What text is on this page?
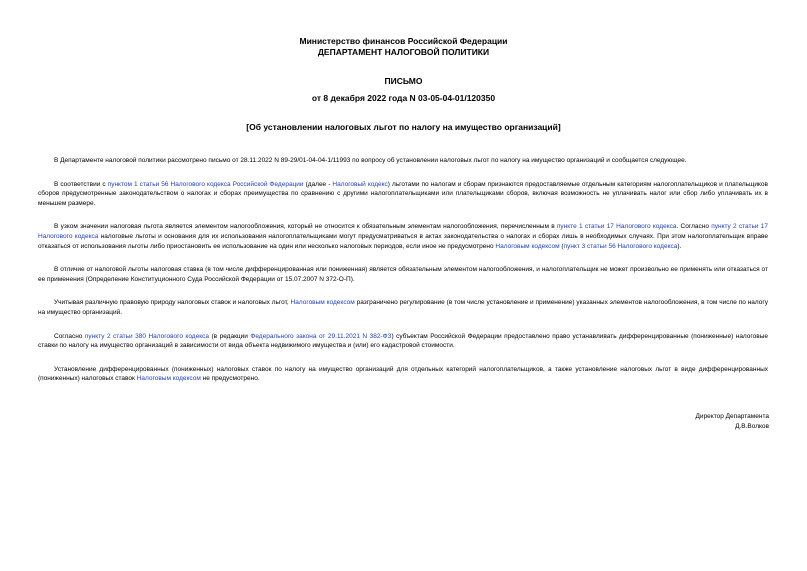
Министерство финансов Российской Федерации
ДЕПАРТАМЕНТ НАЛОГОВОЙ ПОЛИТИКИ
ПИСЬМО
от 8 декабря 2022 года N 03-05-04-01/120350
[Об установлении налоговых льгот по налогу на имущество организаций]

В Департаменте налоговой политики рассмотрено письмо от 28.11.2022 N 89-29/01-04-04-1/11993 по вопросу об установлении налоговых льгот по налогу на имущество организаций и сообщается следующее.

В соответствии с пунктом 1 статьи 56 Налогового кодекса Российской Федерации (далее - Налоговый кодекс) льготами по налогам и сборам признаются предоставляемые отдельным категориям налогоплательщиков и плательщиков сборов предусмотренные законодательством о налогах и сборах преимущества по сравнению с другими налогоплательщиками или плательщиками сборов, включая возможность не уплачивать налог или сбор либо уплачивать их в меньшем размере.

В узком значении налоговая льгота является элементом налогообложения, который не относится к обязательным элементам налогообложения, перечисленным в пункте 1 статьи 17 Налогового кодекса. Согласно пункту 2 статьи 17 Налогового кодекса налоговые льготы и основания для их использования налогоплательщиками могут предусматриваться в актах законодательства о налогах и сборах лишь в необходимых случаях. При этом налогоплательщик вправе отказаться от использования льготы либо приостановить ее использование на один или несколько налоговых периодов, если иное не предусмотрено Налоговым кодексом (пункт 3 статьи 56 Налогового кодекса).

В отличие от налоговой льготы налоговая ставка (в том числе дифференцированная или пониженная) является обязательным элементом налогообложения, и налогоплательщик не может произвольно ее применять или отказаться от ее применения (Определение Конституционного Суда Российской Федерации от 15.07.2007 N 372-О-П).

Учитывая различную правовую природу налоговых ставок и налоговых льгот, Налоговым кодексом разграничено регулирование (в том числе установление и применение) указанных элементов налогообложения, в том числе по налогу на имущество организаций.

Согласно пункту 2 статьи 380 Налогового кодекса (в редакции Федерального закона от 29.11.2021 N 382-ФЗ) субъектам Российской Федерации предоставлено право устанавливать дифференцированные (пониженные) налоговые ставки по налогу на имущество организаций в зависимости от вида объекта недвижимого имущества и (или) его кадастровой стоимости.

Установление дифференцированных (пониженных) налоговых ставок по налогу на имущество организаций для отдельных категорий налогоплательщиков, а также установление налоговых льгот в виде дифференцированных (пониженных) налоговых ставок Налоговым кодексом не предусмотрено.

Директор Департамента
Д.В.Волков
